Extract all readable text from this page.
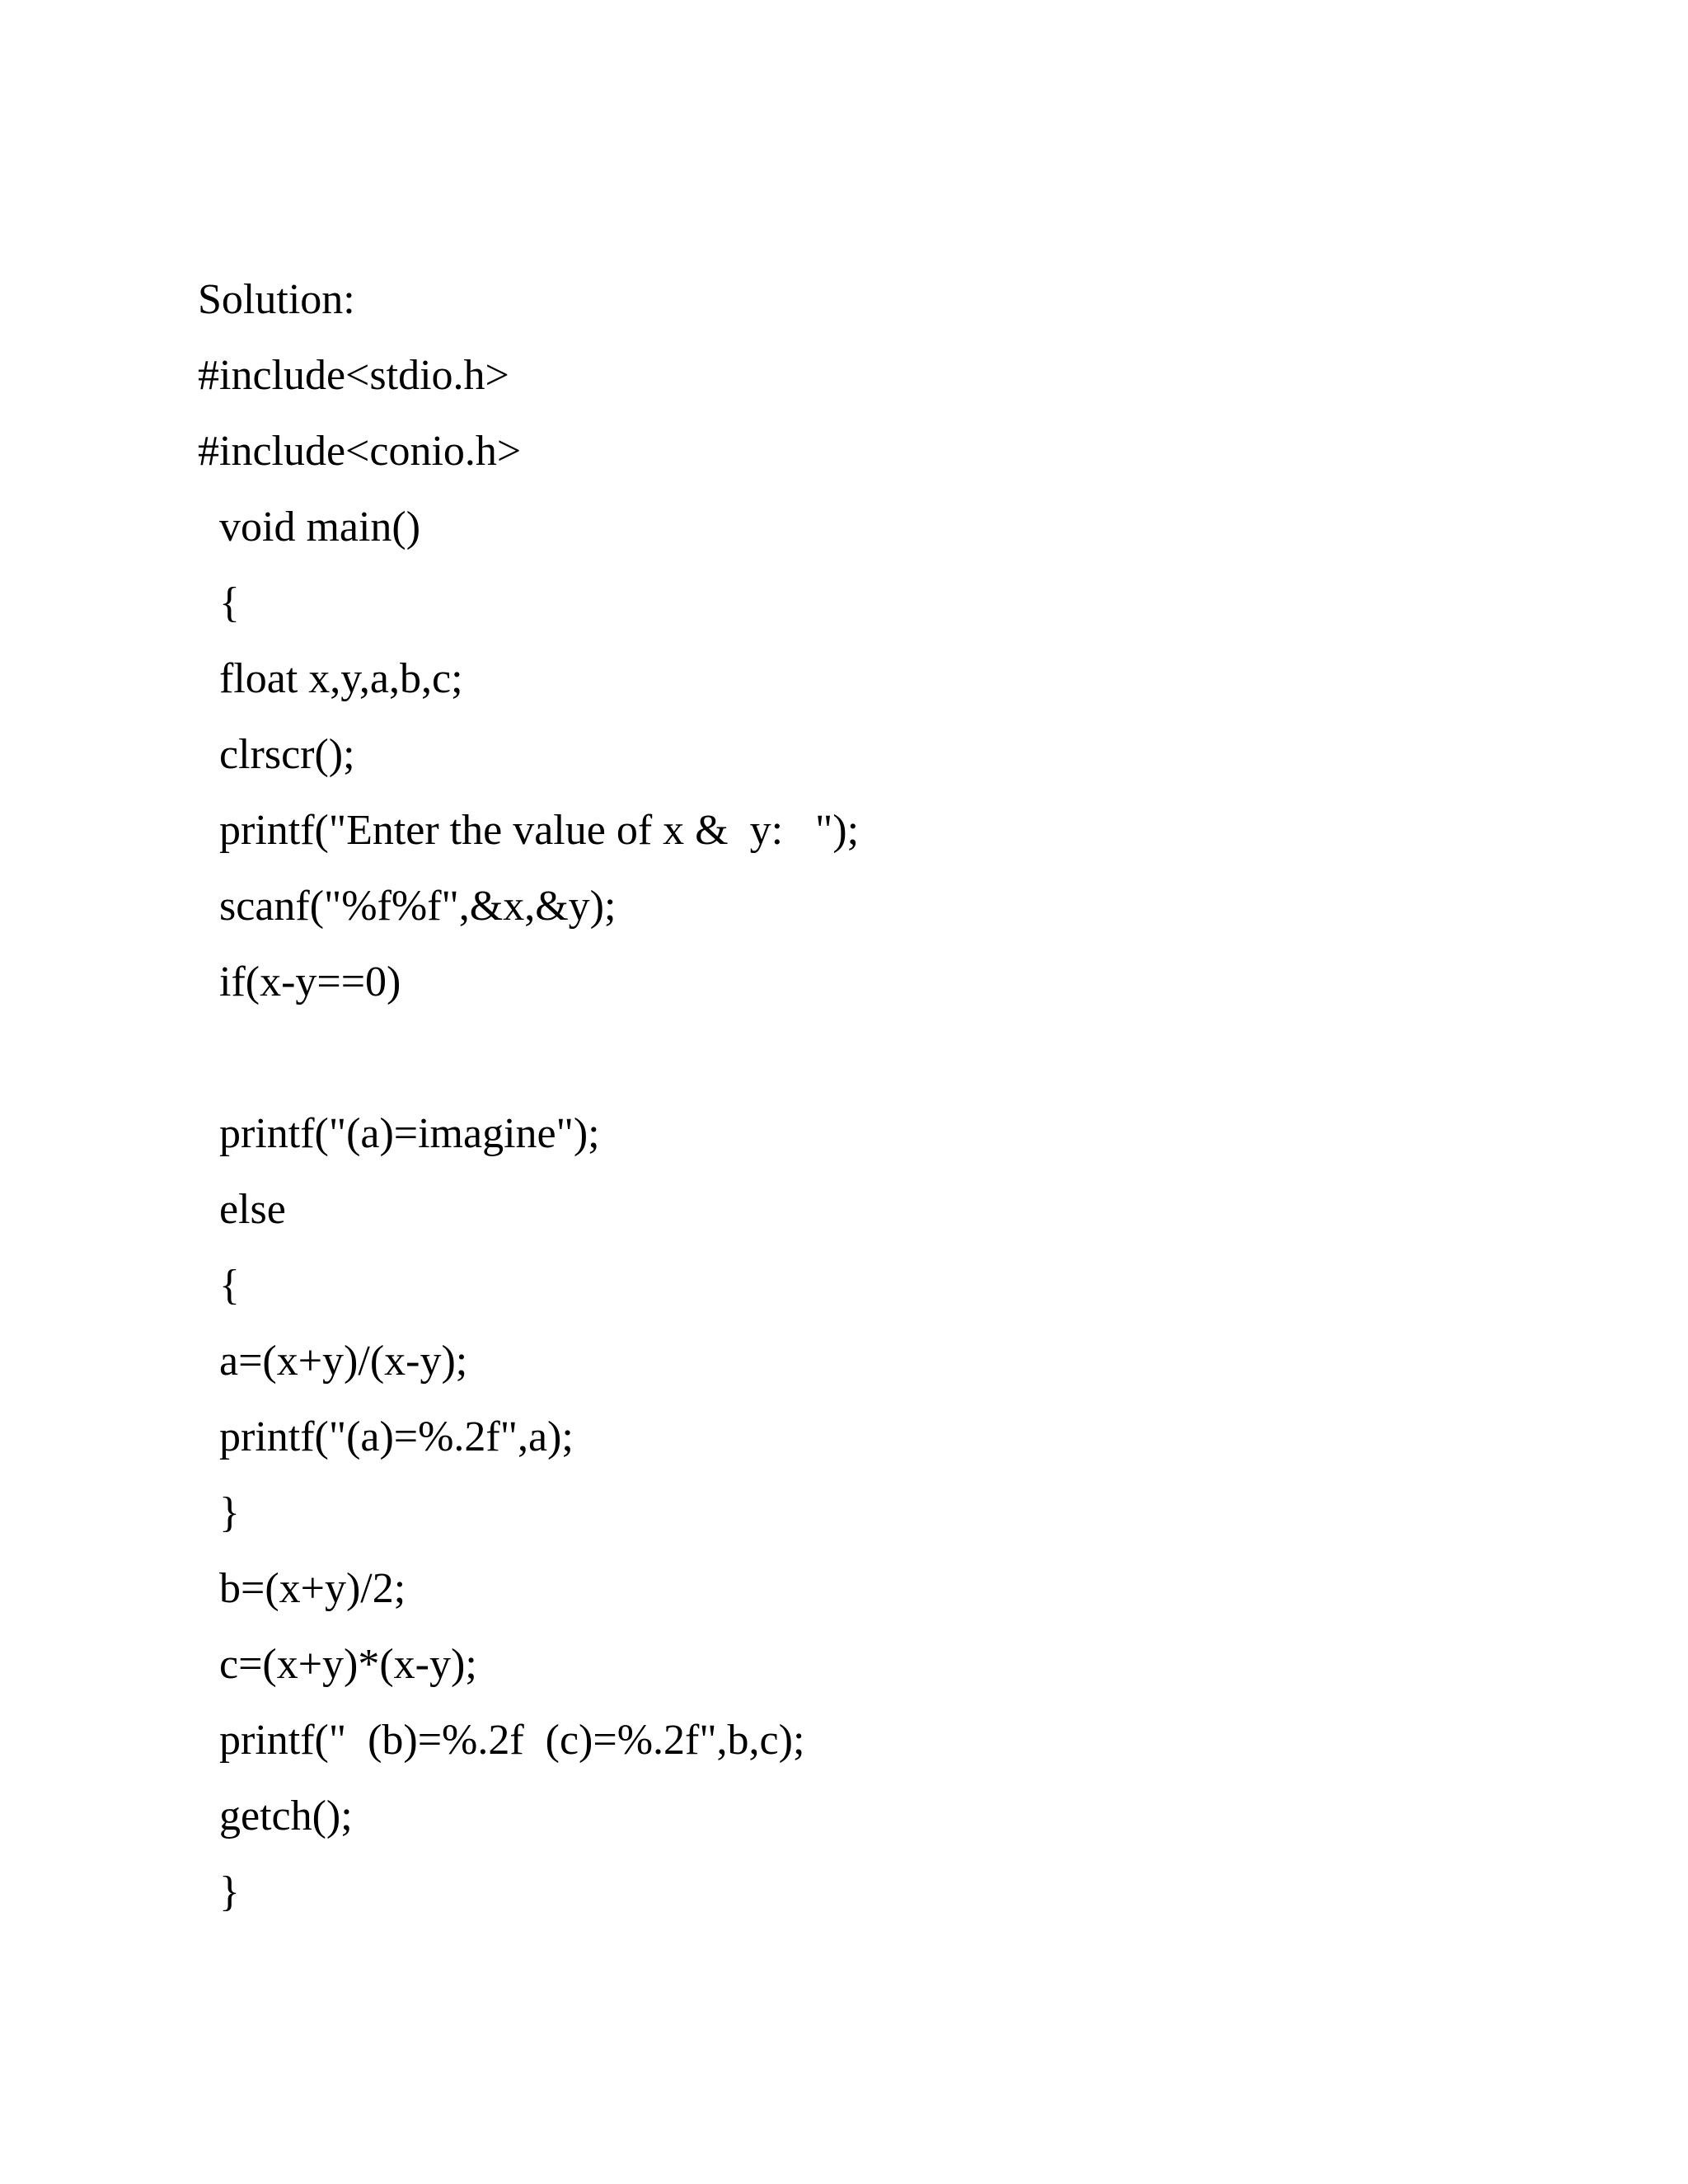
Solution:
#include<stdio.h>
#include<conio.h>
void main()
{
float x,y,a,b,c;
clrscr();
printf("Enter the value of x &  y:   ");
scanf("%f%f",&x,&y);
if(x-y==0)
printf("(a)=imagine");
else
{
a=(x+y)/(x-y);
printf("(a)=%.2f",a);
}
b=(x+y)/2;
c=(x+y)*(x-y);
printf("  (b)=%.2f  (c)=%.2f",b,c);
getch();
}
